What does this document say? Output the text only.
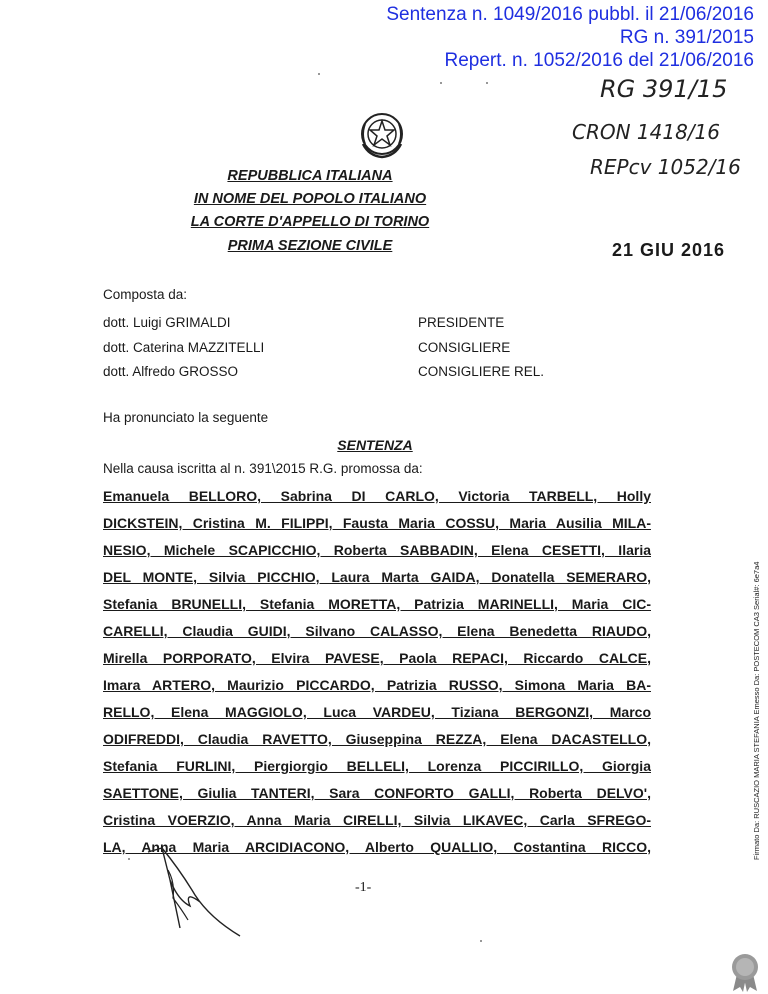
Sentenza n. 1049/2016 pubbl. il 21/06/2016
RG n. 391/2015
Repert. n. 1052/2016 del 21/06/2016
RG 391/15
CRON 1418/16
REPcv 1052/16
REPUBBLICA ITALIANA
IN NOME DEL POPOLO ITALIANO
LA CORTE D'APPELLO DI TORINO
PRIMA SEZIONE CIVILE	21 GIU 2016
Composta da:
dott. Luigi GRIMALDI	PRESIDENTE
dott. Caterina MAZZITELLI	CONSIGLIERE
dott. Alfredo GROSSO	CONSIGLIERE REL.
Ha pronunciato la seguente
SENTENZA
Nella causa iscritta al n. 391\2015 R.G. promossa da:
Emanuela BELLORO, Sabrina DI CARLO, Victoria TARBELL, Holly
DICKSTEIN, Cristina M. FILIPPI, Fausta Maria COSSU, Maria Ausilia MILA-
NESIO, Michele SCAPICCHIO, Roberta SABBADIN, Elena CESETTI, Ilaria
DEL MONTE, Silvia PICCHIO, Laura Marta GAIDA, Donatella SEMERARO,
Stefania BRUNELLI, Stefania MORETTA, Patrizia MARINELLI, Maria CIC-
CARELLI, Claudia GUIDI, Silvano CALASSO, Elena Benedetta RIAUDO,
Mirella PORPORATO, Elvira PAVESE, Paola REPACI, Riccardo CALCE,
Imara ARTERO, Maurizio PICCARDO, Patrizia RUSSO, Simona Maria BA-
RELLO, Elena MAGGIOLO, Luca VARDEU, Tiziana BERGONZI, Marco
ODIFREDDI, Claudia RAVETTO, Giuseppina REZZA, Elena DACASTELLO,
Stefania FURLINI, Piergiorgio BELLELI, Lorenza PICCIRILLO, Giorgia
SAETTONE, Giulia TANTERI, Sara CONFORTO GALLI, Roberta DELVO',
Cristina VOERZIO, Anna Maria CIRELLI, Silvia LIKAVEC, Carla SFREGO-
LA, Anna Maria ARCIDIACONO, Alberto QUALLIO, Costantina RICCO,
-1-
Firmato Da: RUSCAZIO MARIA STEFANIA Emesso Da: POSTECOM CA3 Serial#: 6e7a4
